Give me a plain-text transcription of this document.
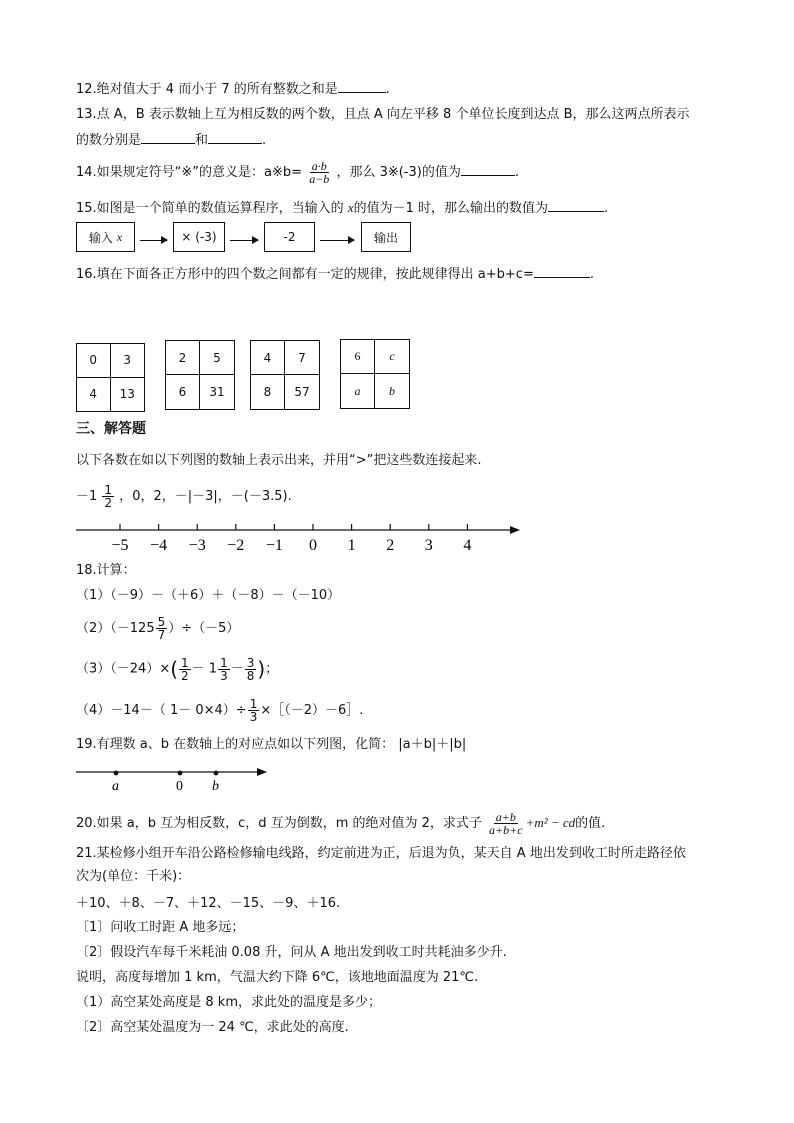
12.绝对值大于 4 而小于 7 的所有整数之和是	.
13.点 A，B 表示数轴上互为相反数的两个数，且点 A 向左平移 8 个单位长度到达点 B，那么这两点所表示
的数分别是	和	.
14.如果规定符号“※”的意义是：a※b= $\frac{a\cdot b}{a-b}$ ，那么 3※(-3)的值为	.
15.如图是一个简单的数值运算程序，当输入的 x的值为－1 时，那么输出的数值为	.
输入
x	× (-3)	-2	输出
16.填在下面各正方形中的四个数之间都有一定的规律，按此规律得出 a+b+c=	.
0	3
4	13
2	5
6	31
4	7
8	57
6	c
a	b
三、解答题
以下各数在如以下列图的数轴上表示出来，并用“>”把这些数连接起来.
$-1 \frac{1}{2}$ ，0，2，－|－3|，－(－3.5).
−5 −4 −3 −2 −1 0 1 2 3 4
18.计算：
（1）（－9）－（＋6）＋（－8）－（－10）
$(2)(-125 \frac{5}{7} )\div(-5)$
$(3)(-24)\times( \frac{1}{2} - 1 \frac{1}{3} - \frac{3}{8}$ )；
（4）－14－（ $1- 0\times 4)\div \frac{1}{3}$ ×［（－2）－6］.
19.有理数 a、b 在数轴上的对应点如以下列图，化简： |a＋b|＋|b|
a	0 b
20.如果 a，b 互为相反数，c，d 互为倒数，m 的绝对值为 2，求式子 $\frac{a+b}{a+b+c} +m^2$ − cd的值.
21.某检修小组开车沿公路检修输电线路，约定前进为正，后退为负，某天自 A 地出发到收工时所走路径依
次为(单位：千米)：
＋10、＋8、－7、＋12、－15、－9、＋16.
〔1〕问收工时距 A 地多远；
〔2〕假设汽车每千米耗油 0.08 升，问从 A 地出发到收工时共耗油多少升.
说明，高度每增加 1 km，气温大约下降 6℃，该地地面温度为 21℃.
（1）高空某处高度是 8 km，求此处的温度是多少；
〔2〕高空某处温度为一 24 ℃，求此处的高度.
